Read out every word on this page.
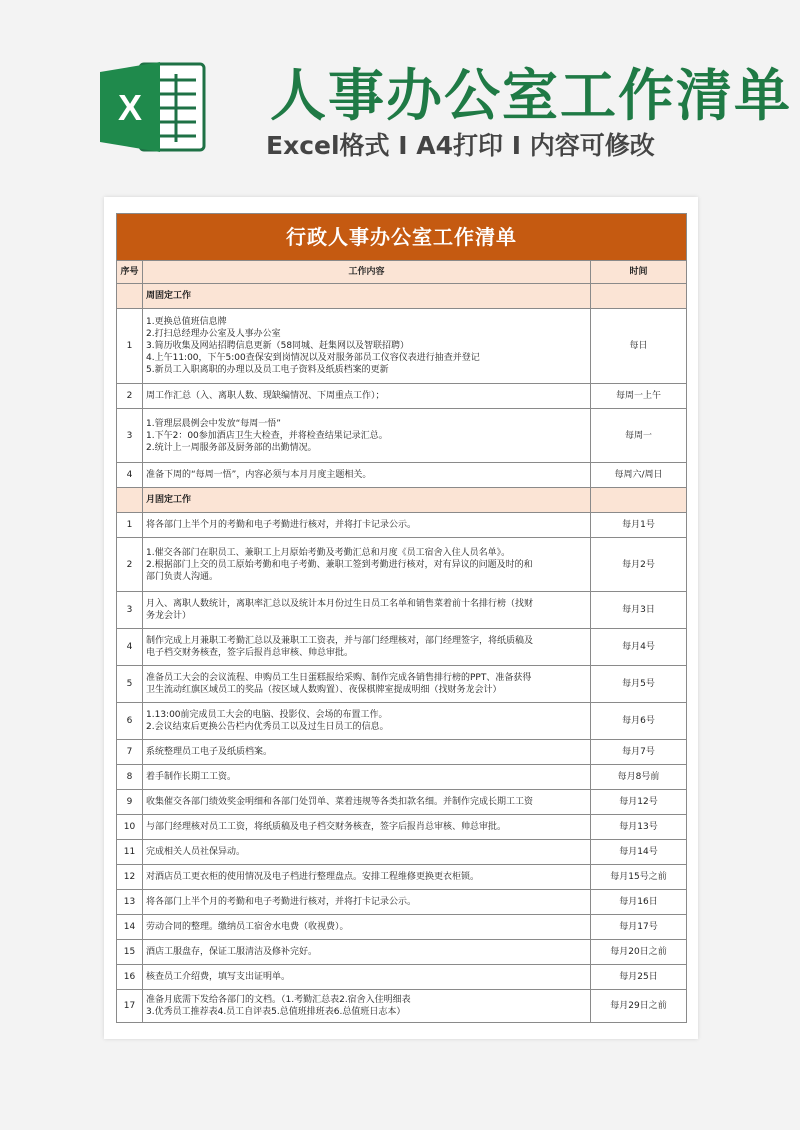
X 人事办公室工作清单
Excel格式 I A4打印 I 内容可修改
行政人事办公室工作清单		
序号	工作内容	时间
	周固定工作	
1	1.更换总值班信息牌
2.打扫总经理办公室及人事办公室
3.简历收集及网站招聘信息更新（58同城、赶集网以及智联招聘）
4.上午11:00，下午5:00查保安到岗情况以及对服务部员工仪容仪表进行抽查并登记
5.新员工入职离职的办理以及员工电子资料及纸质档案的更新	每日
2	周工作汇总（入、离职人数、现缺编情况、下周重点工作）；	每周一上午
3	1.管理层晨例会中发放“每周一悟”
1.下午2：00参加酒店卫生大检查，并将检查结果记录汇总。
2.统计上一周服务部及厨务部的出勤情况。	每周一
4	准备下周的“每周一悟”，内容必须与本月月度主题相关。	每周六/周日
	月固定工作	
1	将各部门上半个月的考勤和电子考勤进行核对，并将打卡记录公示。	每月1号
2	1.催交各部门在职员工、兼职工上月原始考勤及考勤汇总和月度《员工宿舍入住人员名单》。
2.根据部门上交的员工原始考勤和电子考勤、兼职工签到考勤进行核对，对有异议的问题及时的和
部门负责人沟通。	每月2号
3	月入、离职人数统计，离职率汇总以及统计本月份过生日员工名单和销售菜着前十名排行榜（找财
务龙会计）	每月3日
4	制作完成上月兼职工考勤汇总以及兼职工工资表，并与部门经理核对，部门经理签字，将纸质稿及
电子档交财务核查，签字后报肖总审核、帅总审批。	每月4号
5	准备员工大会的会议流程、申购员工生日蛋糕报给采购、制作完成各销售排行榜的PPT、准备获得
卫生流动红旗区域员工的奖品（按区域人数购置）、夜保棋牌室提成明细（找财务龙会计）	每月5号
6	1.13:00前完成员工大会的电脑、投影仪、会场的布置工作。
2.会议结束后更换公告栏内优秀员工以及过生日员工的信息。	每月6号
7	系统整理员工电子及纸质档案。	每月7号
8	着手制作长期工工资。	每月8号前
9	收集催交各部门绩效奖金明细和各部门处罚单、菜着违规等各类扣款名细。并制作完成长期工工资	每月12号
10	与部门经理核对员工工资，将纸质稿及电子档交财务核查，签字后报肖总审核、帅总审批。	每月13号
11	完成相关人员社保异动。	每月14号
12	对酒店员工更衣柜的使用情况及电子档进行整理盘点。安排工程维修更换更衣柜锁。	每月15号之前
13	将各部门上半个月的考勤和电子考勤进行核对，并将打卡记录公示。	每月16日
14	劳动合同的整理。缴纳员工宿舍水电费（收视费）。	每月17号
15	酒店工服盘存，保证工服清洁及修补完好。	每月20日之前
16	核查员工介绍费，填写支出证明单。	每月25日
17	准备月底需下发给各部门的文档。（1.考勤汇总表2.宿舍入住明细表
3.优秀员工推荐表4.员工自评表5.总值班排班表6.总值班日志本）	每月29日之前
